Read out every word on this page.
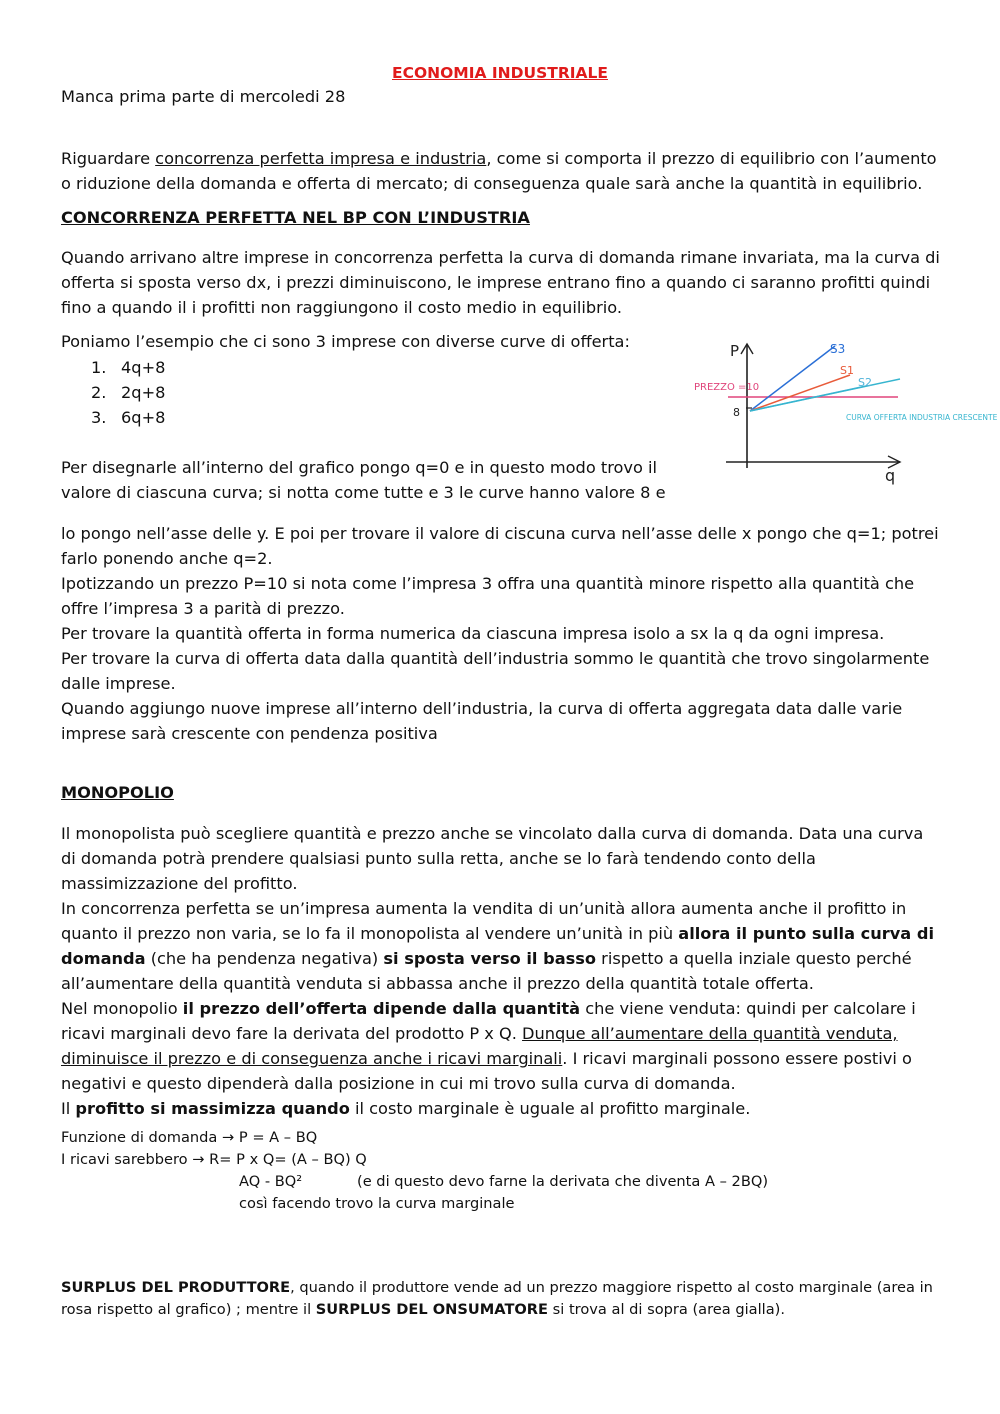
ECONOMIA INDUSTRIALE
Manca prima parte di mercoledi 28

Riguardare concorrenza perfetta impresa e industria, come si comporta il prezzo di equilibrio con l’aumento o riduzione della domanda e offerta di mercato; di conseguenza quale sarà anche la quantità in equilibrio.

CONCORRENZA PERFETTA NEL BP CON L’INDUSTRIA

Quando arrivano altre imprese in concorrenza perfetta la curva di domanda rimane invariata, ma la curva di offerta si sposta verso dx, i prezzi diminuiscono, le imprese entrano fino a quando ci saranno profitti quindi fino a quando il i profitti non raggiungono il costo medio in equilibrio.

Poniamo l’esempio che ci sono 3 imprese con diverse curve di offerta:
1. 4q+8
2. 2q+8
3. 6q+8
Per disegnarle all’interno del grafico pongo q=0 e in questo modo trovo il
valore di ciascuna curva; si notta come tutte e 3 le curve hanno valore 8 e

lo pongo nell’asse delle y. E poi per trovare il valore di ciscuna curva nell’asse delle x pongo che q=1; potrei farlo ponendo anche q=2.

Ipotizzando un prezzo P=10 si nota come l’impresa 3 offra una quantità minore rispetto alla quantità che offre l’impresa 3 a parità di prezzo.

Per trovare la quantità offerta in forma numerica da ciascuna impresa isolo a sx la q da ogni impresa.

Per trovare la curva di offerta data dalla quantità dell’industria sommo le quantità che trovo singolarmente dalle imprese.

Quando aggiungo nuove imprese all’interno dell’industria, la curva di offerta aggregata data dalle varie imprese sarà crescente con pendenza positiva

P
q
8
PREZZO =10
S3
S1
S2
CURVA OFFERTA INDUSTRIA CRESCENTE
MONOPOLIO

Il monopolista può scegliere quantità e prezzo anche se vincolato dalla curva di domanda. Data una curva di domanda potrà prendere qualsiasi punto sulla retta, anche se lo farà tendendo conto della massimizzazione del profitto.

In concorrenza perfetta se un’impresa aumenta la vendita di un’unità allora aumenta anche il profitto in quanto il prezzo non varia, se lo fa il monopolista al vendere un’unità in più allora il punto sulla curva di domanda (che ha pendenza negativa) si sposta verso il basso rispetto a quella inziale questo perché all’aumentare della quantità venduta si abbassa anche il prezzo della quantità totale offerta.

Nel monopolio il prezzo dell’offerta dipende dalla quantità che viene venduta: quindi per calcolare i ricavi marginali devo fare la derivata del prodotto P x Q. Dunque all’aumentare della quantità venduta, diminuisce il prezzo e di conseguenza anche i ricavi marginali. I ricavi marginali possono essere postivi o negativi e questo dipenderà dalla posizione in cui mi trovo sulla curva di domanda.

Il profitto si massimizza quando il costo marginale è uguale al profitto marginale.

Funzione di domanda → P = A – BQ
I ricavi sarebbero → R= P x Q= (A – BQ) Q
AQ - BQ²	(e di questo devo farne la derivata che diventa A – 2BQ)
così facendo trovo la curva marginale

SURPLUS DEL PRODUTTORE, quando il produttore vende ad un prezzo maggiore rispetto al costo marginale (area in rosa rispetto al grafico) ; mentre il SURPLUS DEL ONSUMATORE si trova al di sopra (area gialla).
